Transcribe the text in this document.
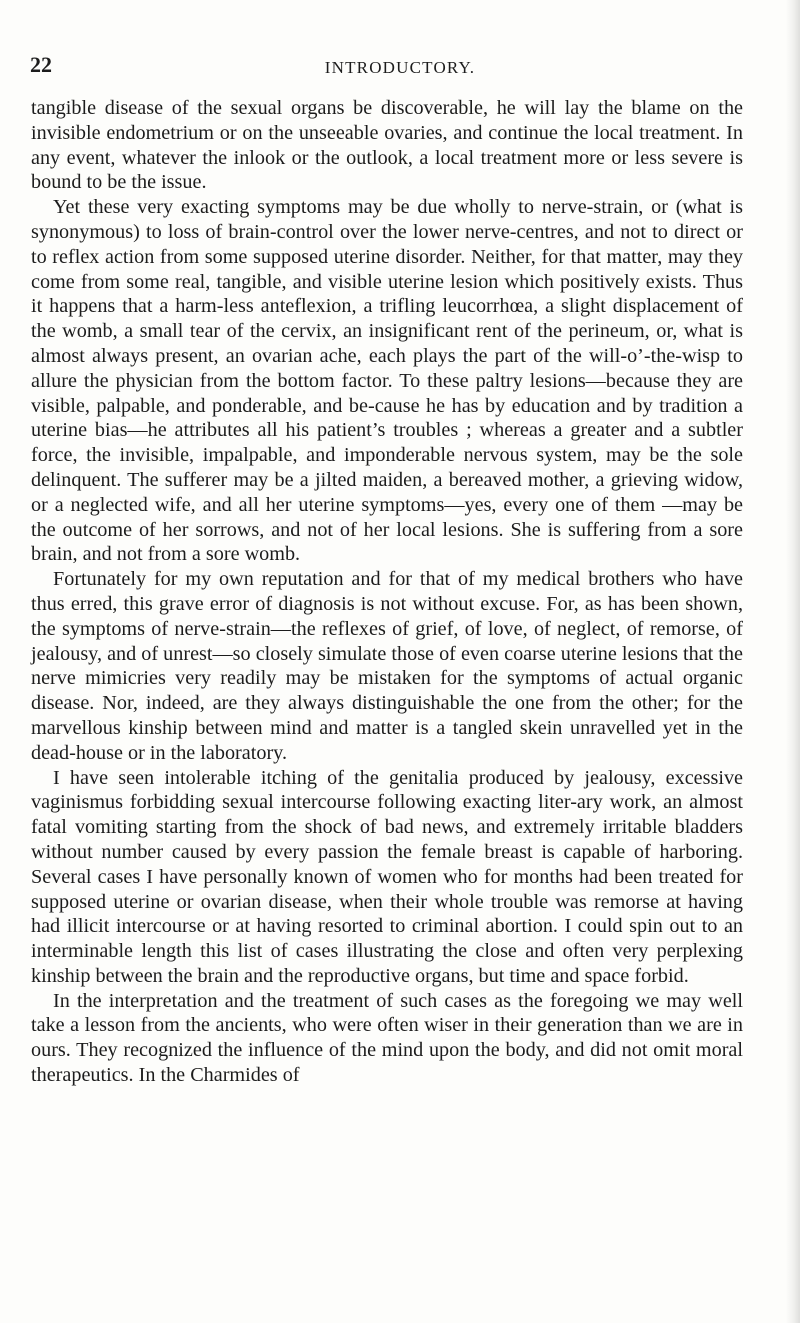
22	INTRODUCTORY.

tangible disease of the sexual organs be discoverable, he will lay the blame on the invisible endometrium or on the unseeable ovaries, and continue the local treatment. In any event, whatever the inlook or the outlook, a local treatment more or less severe is bound to be the issue.

Yet these very exacting symptoms may be due wholly to nerve-strain, or (what is synonymous) to loss of brain-control over the lower nerve-centres, and not to direct or to reflex action from some supposed uterine disorder. Neither, for that matter, may they come from some real, tangible, and visible uterine lesion which positively exists. Thus it happens that a harm-less anteflexion, a trifling leucorrhœa, a slight displacement of the womb, a small tear of the cervix, an insignificant rent of the perineum, or, what is almost always present, an ovarian ache, each plays the part of the will-o’-the-wisp to allure the physician from the bottom factor. To these paltry lesions—because they are visible, palpable, and ponderable, and be-cause he has by education and by tradition a uterine bias—he attributes all his patient’s troubles ; whereas a greater and a subtler force, the invisible, impalpable, and imponderable nervous system, may be the sole delinquent. The sufferer may be a jilted maiden, a bereaved mother, a grieving widow, or a neglected wife, and all her uterine symptoms—yes, every one of them —may be the outcome of her sorrows, and not of her local lesions. She is suffering from a sore brain, and not from a sore womb.

Fortunately for my own reputation and for that of my medical brothers who have thus erred, this grave error of diagnosis is not without excuse. For, as has been shown, the symptoms of nerve-strain—the reflexes of grief, of love, of neglect, of remorse, of jealousy, and of unrest—so closely simulate those of even coarse uterine lesions that the nerve mimicries very readily may be mistaken for the symptoms of actual organic disease. Nor, indeed, are they always distinguishable the one from the other; for the marvellous kinship between mind and matter is a tangled skein unravelled yet in the dead-house or in the laboratory.

I have seen intolerable itching of the genitalia produced by jealousy, excessive vaginismus forbidding sexual intercourse following exacting liter-ary work, an almost fatal vomiting starting from the shock of bad news, and extremely irritable bladders without number caused by every passion the female breast is capable of harboring. Several cases I have personally known of women who for months had been treated for supposed uterine or ovarian disease, when their whole trouble was remorse at having had illicit intercourse or at having resorted to criminal abortion. I could spin out to an interminable length this list of cases illustrating the close and often very perplexing kinship between the brain and the reproductive organs, but time and space forbid.

In the interpretation and the treatment of such cases as the foregoing we may well take a lesson from the ancients, who were often wiser in their generation than we are in ours. They recognized the influence of the mind upon the body, and did not omit moral therapeutics. In the Charmides of
